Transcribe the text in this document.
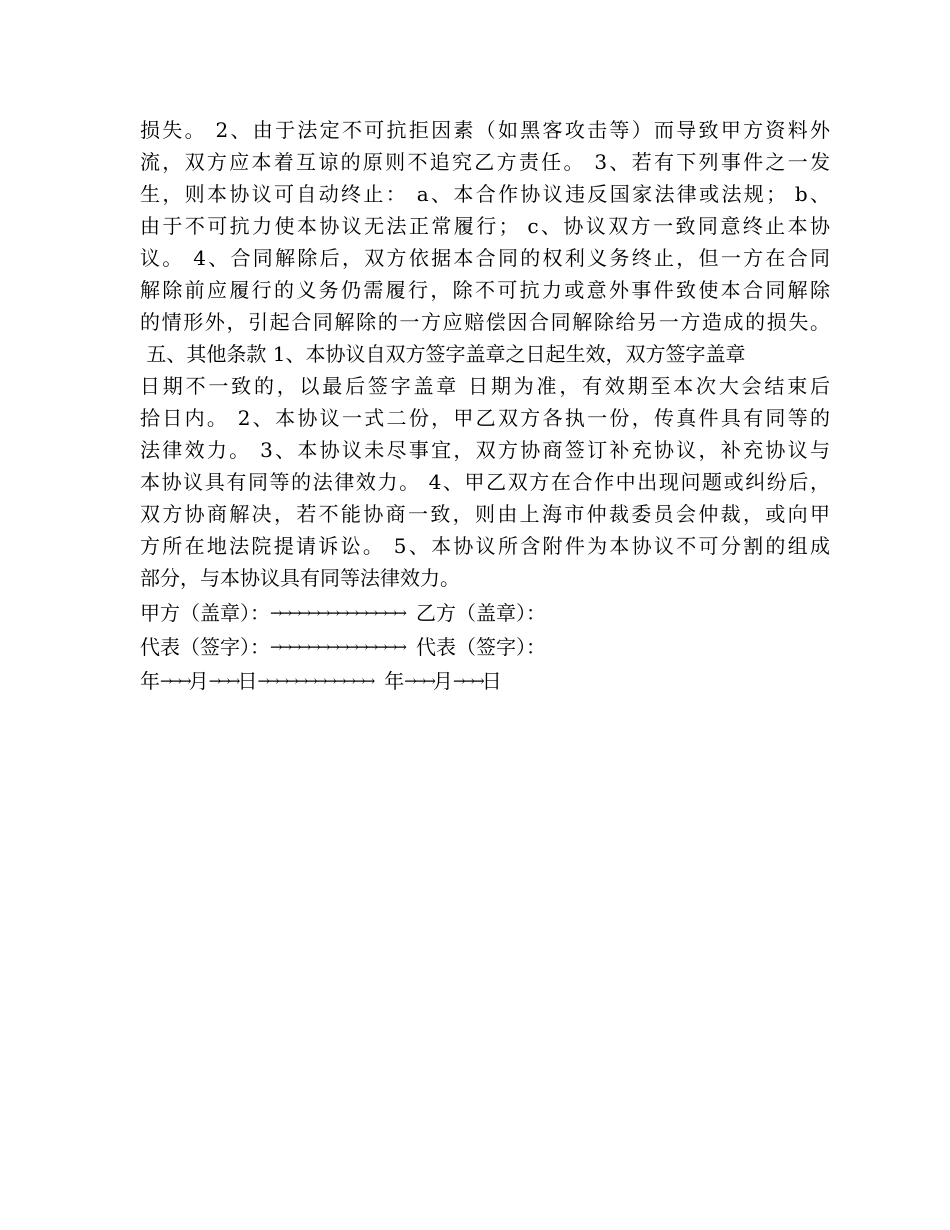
损失。 2、由于法定不可抗拒因素（如黑客攻击等）而导致甲方资料外
流，双方应本着互谅的原则不追究乙方责任。 3、若有下列事件之一发
生，则本协议可自动终止： a、本合作协议违反国家法律或法规； b、
由于不可抗力使本协议无法正常履行； c、协议双方一致同意终止本协
议。 4、合同解除后，双方依据本合同的权利义务终止，但一方在合同
解除前应履行的义务仍需履行，除不可抗力或意外事件致使本合同解除
的情形外，引起合同解除的一方应赔偿因合同解除给另一方造成的损失。
五、其他条款 1、本协议自双方签字盖章之日起生效，双方签字盖章
日期不一致的，以最后签字盖章 日期为准，有效期至本次大会结束后
拾日内。 2、本协议一式二份，甲乙双方各执一份，传真件具有同等的
法律效力。 3、本协议未尽事宜，双方协商签订补充协议，补充协议与
本协议具有同等的法律效力。 4、甲乙双方在合作中出现问题或纠纷后，
双方协商解决，若不能协商一致，则由上海市仲裁委员会仲裁，或向甲
方所在地法院提请诉讼。 5、本协议所含附件为本协议不可分割的组成
部分，与本协议具有同等法律效力。
甲方（盖章）： →→→→→→→→→→→→→→ 乙方（盖章）：
代表（签字）： →→→→→→→→→→→→→→ 代表（签字）：
年 →→→ 月 →→→ 日 →→→→→→→→→→→→ 年 →→→ 月 →→→ 日
